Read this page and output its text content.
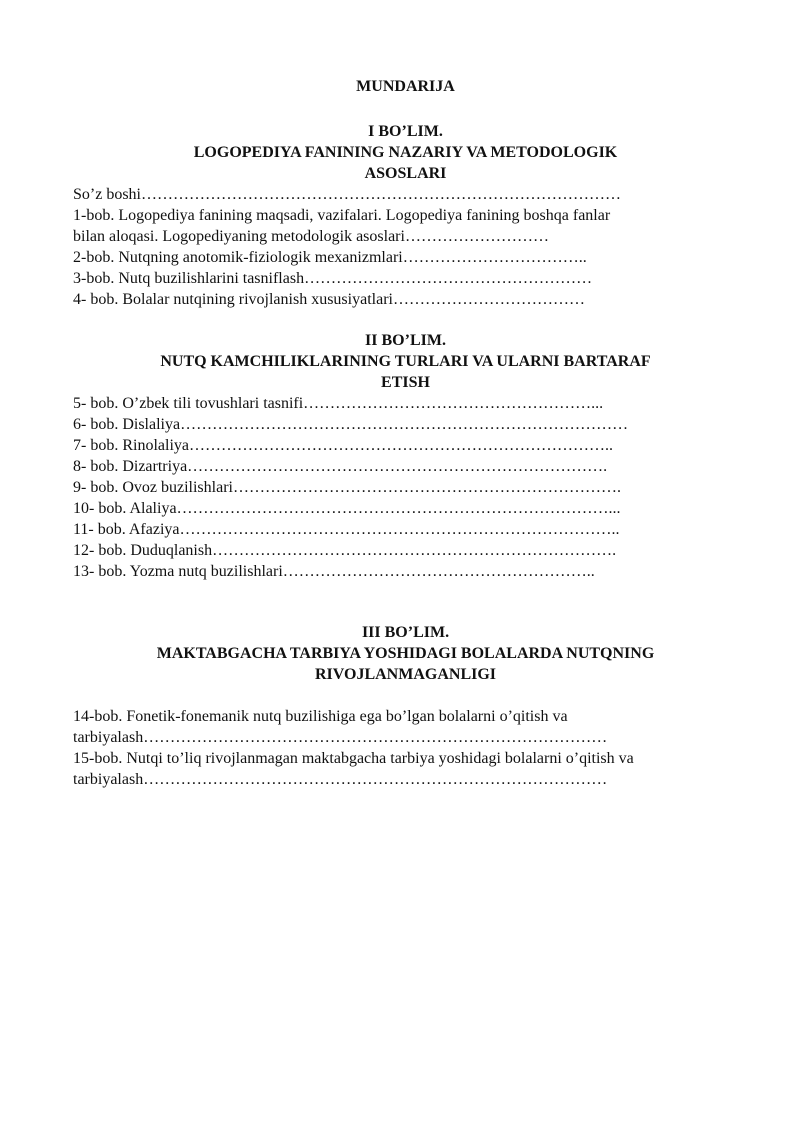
MUNDARIJA
I BO’LIM.
LOGOPEDIYA FANINING NAZARIY VA METODOLOGIK
ASOSLARI
So’z boshi………………………………………………………………………………
1-bob. Logopediya fanining maqsadi, vazifalari. Logopediya fanining boshqa fanlar
bilan aloqasi. Logopediyaning metodologik asoslari………………………
2-bob. Nutqning anotomik-fiziologik mexanizmlari……………………………..
3-bob. Nutq buzilishlarini tasniflash………………………………………………
4- bob. Bolalar nutqining rivojlanish xususiyatlari………………………………
II BO’LIM.
NUTQ KAMCHILIKLARINING TURLARI VA ULARNI BARTARAF
ETISH
5- bob. O’zbek tili tovushlari tasnifi………………………………………………...
6- bob. Dislaliya…………………………………………………………………………
7- bob. Rinolaliya……………………………………………………………………..
8- bob. Dizartriya…………………………………………………………………….
9- bob. Ovoz buzilishlari……………………………………………………………….
10- bob. Alaliya………………………………………………………………………...
11- bob. Afaziya………………………………………………………………………..
12- bob. Duduqlanish………………………………………………………………….
13- bob. Yozma nutq buzilishlari…………………………………………………..
III BO’LIM.
MAKTABGACHA TARBIYA YOSHIDAGI BOLALARDA NUTQNING
RIVOJLANMAGANLIGI
14-bob. Fonetik-fonemanik nutq buzilishiga ega bo’lgan bolalarni o’qitish va
tarbiyalash……………………………………………………………………………
15-bob. Nutqi to’liq rivojlanmagan maktabgacha tarbiya yoshidagi bolalarni o’qitish va
tarbiyalash……………………………………………………………………………
